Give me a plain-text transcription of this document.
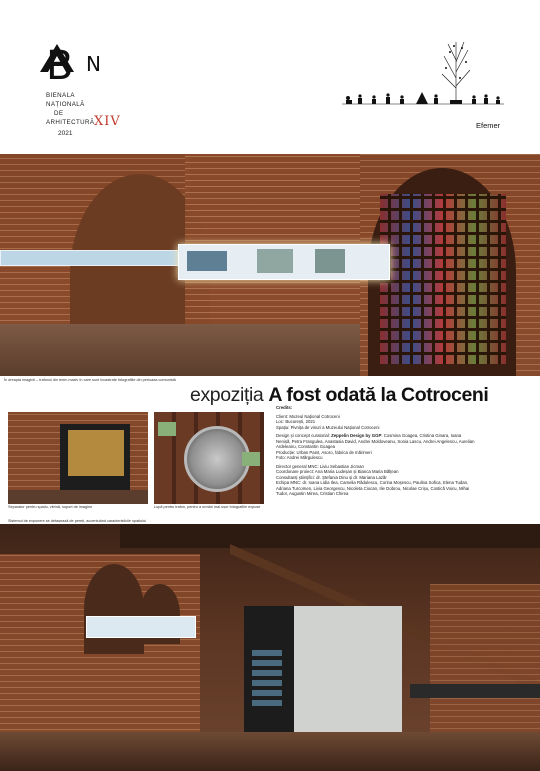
B N
BIENALA
NAȚIONALĂ
DE
ARHITECTURĂ XIV
2021
Efemer
În dreapta imaginii – trafonul din lemn masiv în care sunt încastrate fotografiile din perioada comunistă
expoziția A fost odată la Cotroceni

Credits:

Client: Muzeul Național Cotroceni
Loc: București, 2021
Spațiu: Pivnița de vinuri a Muzeului Național Cotroceni

Design și concept curatorial: Zeppelin Design by GGP: Cosmina Goagea, Cristina Ginara, Ioana Nenișă, Petra Frangulea, Anastasia David, Andrei Moldoveanu, Sonia Lascu, Andrei Angelescu, Aurelian Ardeleanu, Constantin Goagea
Producție: Urban Paint, Asoro, fabrica de mărimeri
Foto: Andrei Mărgulescu

Director general MNC: Liviu Sebastian Jicman
Coordonare proiect: Ana Maria Ludeșan și Bianca Maria Bălțean
Consultanți științifici: dr. Ștefania Dinu și dr. Mariana Lazăr
Echipa MNC: dr. Ioana Lidia Ilea, Camelia Rădulescu, Corina Moșescu, Paulina Sofica, Elena Tudan, Adriana Turcomen, Livia Georgescu, Nicoleta Ciocan, Ilie Dobrou, Nicolae Crișu, Costică Voicu, Mihai Tudor, Augustin Mirea, Cristian Chirea

Separator pentru spațiu, vitrină, suport de imagine	Lupă pentru trafon, pentru a urmări mai ușor fotografiile expuse
Sistemul de expunere se detașează de pereți, accentuând caracteristicile spațiului
